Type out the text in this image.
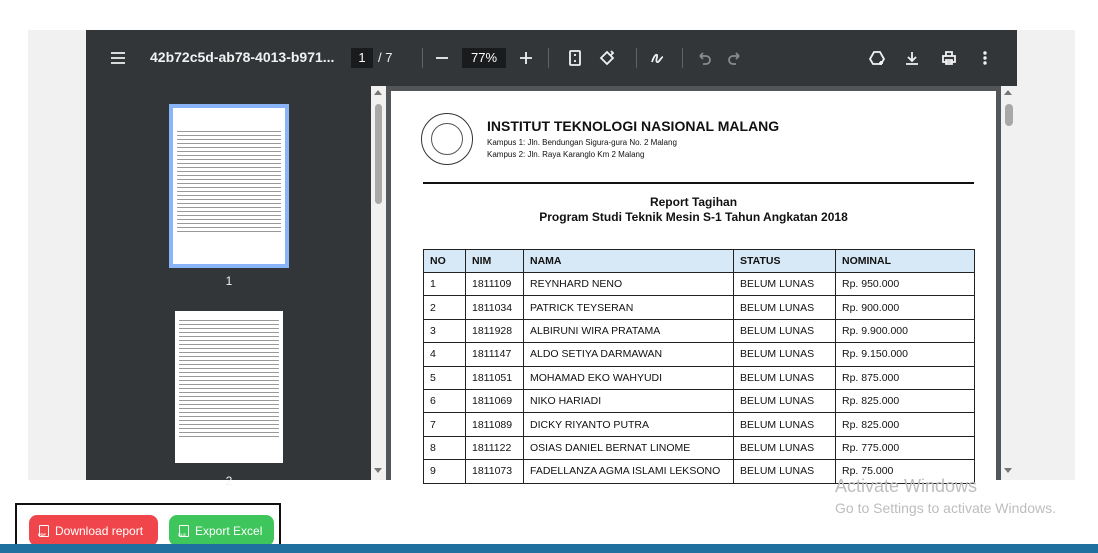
42b72c5d-ab78-4013-b971...	1 / 7	77%
1
2
INSTITUT TEKNOLOGI NASIONAL MALANG
Kampus 1: Jln. Bendungan Sigura-gura No. 2 Malang
Kampus 2: Jln. Raya Karanglo Km 2 Malang
Report Tagihan
Program Studi Teknik Mesin S-1 Tahun Angkatan 2018
NO	NIM	NAMA	STATUS	NOMINAL
1	1811109	REYNHARD NENO	BELUM LUNAS	Rp. 950.000
2	1811034	PATRICK TEYSERAN	BELUM LUNAS	Rp. 900.000
3	1811928	ALBIRUNI WIRA PRATAMA	BELUM LUNAS	Rp. 9.900.000
4	1811147	ALDO SETIYA DARMAWAN	BELUM LUNAS	Rp. 9.150.000
5	1811051	MOHAMAD EKO WAHYUDI	BELUM LUNAS	Rp. 875.000
6	1811069	NIKO HARIADI	BELUM LUNAS	Rp. 825.000
7	1811089	DICKY RIYANTO PUTRA	BELUM LUNAS	Rp. 825.000
8	1811122	OSIAS DANIEL BERNAT LINOME	BELUM LUNAS	Rp. 775.000
9	1811073	FADELLANZA AGMA ISLAMI LEKSONO	BELUM LUNAS	Rp. 75.000
PDF Download report	XLS Export Excel
Activate Windows
Go to Settings to activate Windows.
